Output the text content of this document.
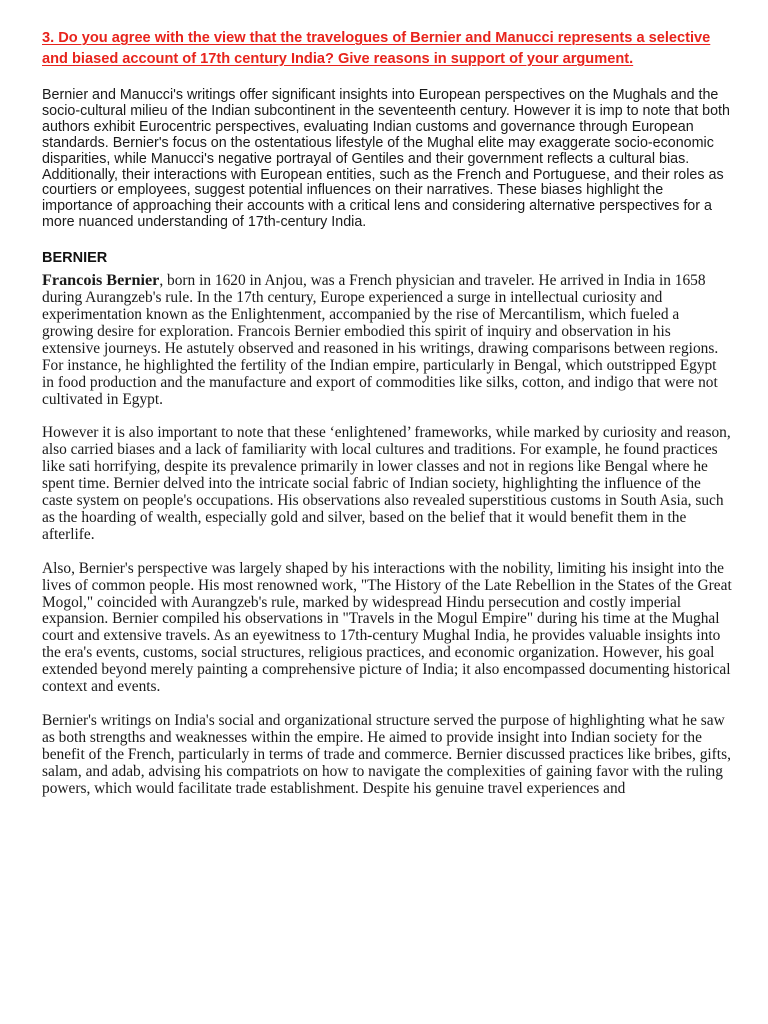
3. Do you agree with the view that the travelogues of Bernier and Manucci represents a selective and biased account of 17th century India? Give reasons in support of your argument.

Bernier and Manucci's writings offer significant insights into European perspectives on the Mughals and the socio-cultural milieu of the Indian subcontinent in the seventeenth century. However it is imp to note that both authors exhibit Eurocentric perspectives, evaluating Indian customs and governance through European standards. Bernier's focus on the ostentatious lifestyle of the Mughal elite may exaggerate socio-economic disparities, while Manucci's negative portrayal of Gentiles and their government reflects a cultural bias. Additionally, their interactions with European entities, such as the French and Portuguese, and their roles as courtiers or employees, suggest potential influences on their narratives. These biases highlight the importance of approaching their accounts with a critical lens and considering alternative perspectives for a more nuanced understanding of 17th-century India.

BERNIER

Francois Bernier, born in 1620 in Anjou, was a French physician and traveler. He arrived in India in 1658 during Aurangzeb's rule. In the 17th century, Europe experienced a surge in intellectual curiosity and experimentation known as the Enlightenment, accompanied by the rise of Mercantilism, which fueled a growing desire for exploration. Francois Bernier embodied this spirit of inquiry and observation in his extensive journeys. He astutely observed and reasoned in his writings, drawing comparisons between regions. For instance, he highlighted the fertility of the Indian empire, particularly in Bengal, which outstripped Egypt in food production and the manufacture and export of commodities like silks, cotton, and indigo that were not cultivated in Egypt.

However it is also important to note that these ‘enlightened’ frameworks, while marked by curiosity and reason, also carried biases and a lack of familiarity with local cultures and traditions. For example, he found practices like sati horrifying, despite its prevalence primarily in lower classes and not in regions like Bengal where he spent time. Bernier delved into the intricate social fabric of Indian society, highlighting the influence of the caste system on people's occupations. His observations also revealed superstitious customs in South Asia, such as the hoarding of wealth, especially gold and silver, based on the belief that it would benefit them in the afterlife.

Also, Bernier's perspective was largely shaped by his interactions with the nobility, limiting his insight into the lives of common people. His most renowned work, "The History of the Late Rebellion in the States of the Great Mogol," coincided with Aurangzeb's rule, marked by widespread Hindu persecution and costly imperial expansion. Bernier compiled his observations in "Travels in the Mogul Empire" during his time at the Mughal court and extensive travels. As an eyewitness to 17th-century Mughal India, he provides valuable insights into the era's events, customs, social structures, religious practices, and economic organization. However, his goal extended beyond merely painting a comprehensive picture of India; it also encompassed documenting historical context and events.

Bernier's writings on India's social and organizational structure served the purpose of highlighting what he saw as both strengths and weaknesses within the empire. He aimed to provide insight into Indian society for the benefit of the French, particularly in terms of trade and commerce. Bernier discussed practices like bribes, gifts, salam, and adab, advising his compatriots on how to navigate the complexities of gaining favor with the ruling powers, which would facilitate trade establishment. Despite his genuine travel experiences and
